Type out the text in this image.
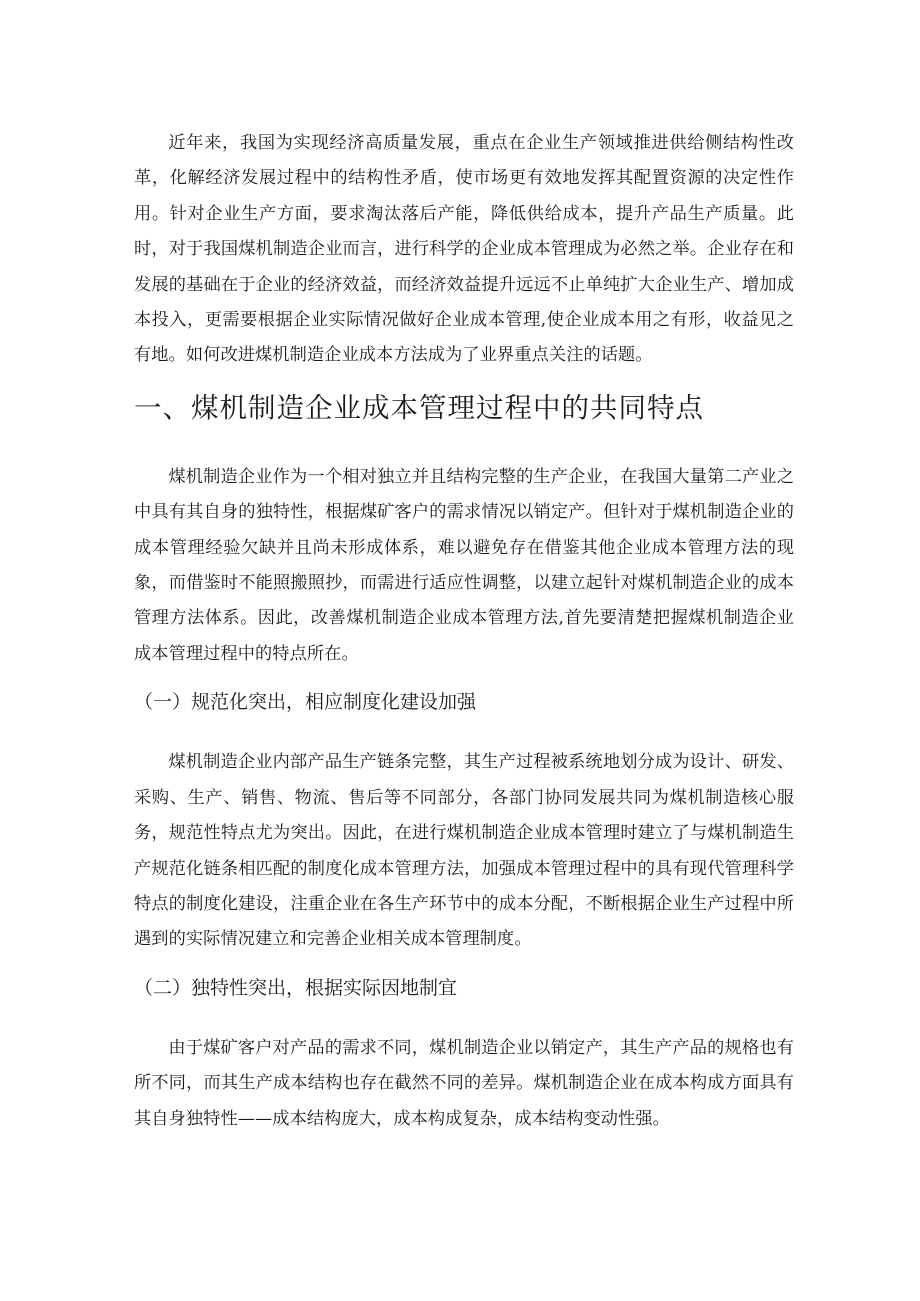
近年来，我国为实现经济高质量发展，重点在企业生产领域推进供给侧结构性改革，化解经济发展过程中的结构性矛盾，使市场更有效地发挥其配置资源的决定性作用。针对企业生产方面，要求淘汰落后产能，降低供给成本，提升产品生产质量。此时，对于我国煤机制造企业而言，进行科学的企业成本管理成为必然之举。企业存在和发展的基础在于企业的经济效益，而经济效益提升远远不止单纯扩大企业生产、增加成本投入，更需要根据企业实际情况做好企业成本管理,使企业成本用之有形，收益见之有地。如何改进煤机制造企业成本方法成为了业界重点关注的话题。

一、煤机制造企业成本管理过程中的共同特点

煤机制造企业作为一个相对独立并且结构完整的生产企业，在我国大量第二产业之中具有其自身的独特性，根据煤矿客户的需求情况以销定产。但针对于煤机制造企业的成本管理经验欠缺并且尚未形成体系，难以避免存在借鉴其他企业成本管理方法的现象，而借鉴时不能照搬照抄，而需进行适应性调整，以建立起针对煤机制造企业的成本管理方法体系。因此，改善煤机制造企业成本管理方法,首先要清楚把握煤机制造企业成本管理过程中的特点所在。

（一）规范化突出，相应制度化建设加强

煤机制造企业内部产品生产链条完整，其生产过程被系统地划分成为设计、研发、采购、生产、销售、物流、售后等不同部分，各部门协同发展共同为煤机制造核心服务，规范性特点尤为突出。因此，在进行煤机制造企业成本管理时建立了与煤机制造生产规范化链条相匹配的制度化成本管理方法，加强成本管理过程中的具有现代管理科学特点的制度化建设，注重企业在各生产环节中的成本分配，不断根据企业生产过程中所遇到的实际情况建立和完善企业相关成本管理制度。

（二）独特性突出，根据实际因地制宜

由于煤矿客户对产品的需求不同，煤机制造企业以销定产，其生产产品的规格也有所不同，而其生产成本结构也存在截然不同的差异。煤机制造企业在成本构成方面具有其自身独特性——成本结构庞大，成本构成复杂，成本结构变动性强。
